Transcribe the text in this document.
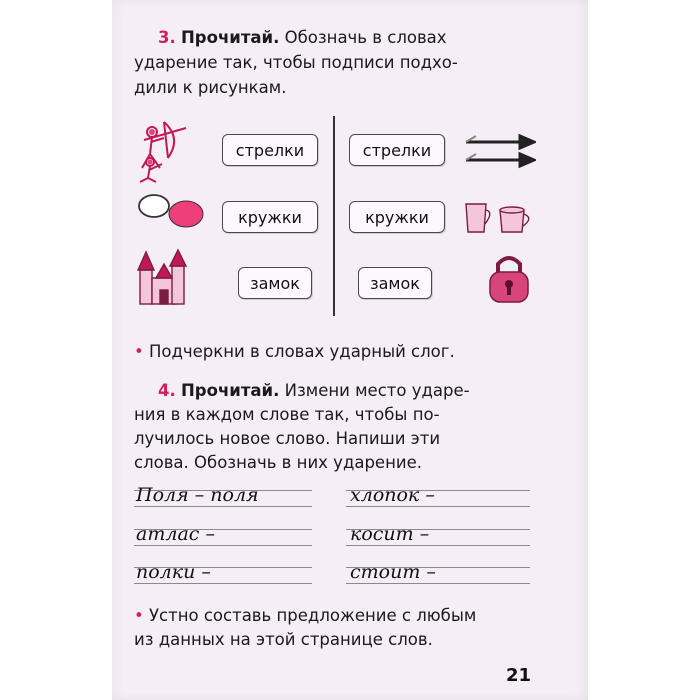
3. Прочитай. Обозначь в словах
ударение так, чтобы подписи подхо-
дили к рисункам.
стрелки
кружки
замок
стрелки
кружки
замок
• Подчеркни в словах ударный слог.
4. Прочитай. Измени место ударе-
ния в каждом слове так, чтобы по-
лучилось новое слово. Напиши эти
слова. Обозначь в них ударение.
Поля – поля
атлас –
полки –
хлопок –
косит –
стоит –
• Устно составь предложение с любым
из данных на этой странице слов.
21
